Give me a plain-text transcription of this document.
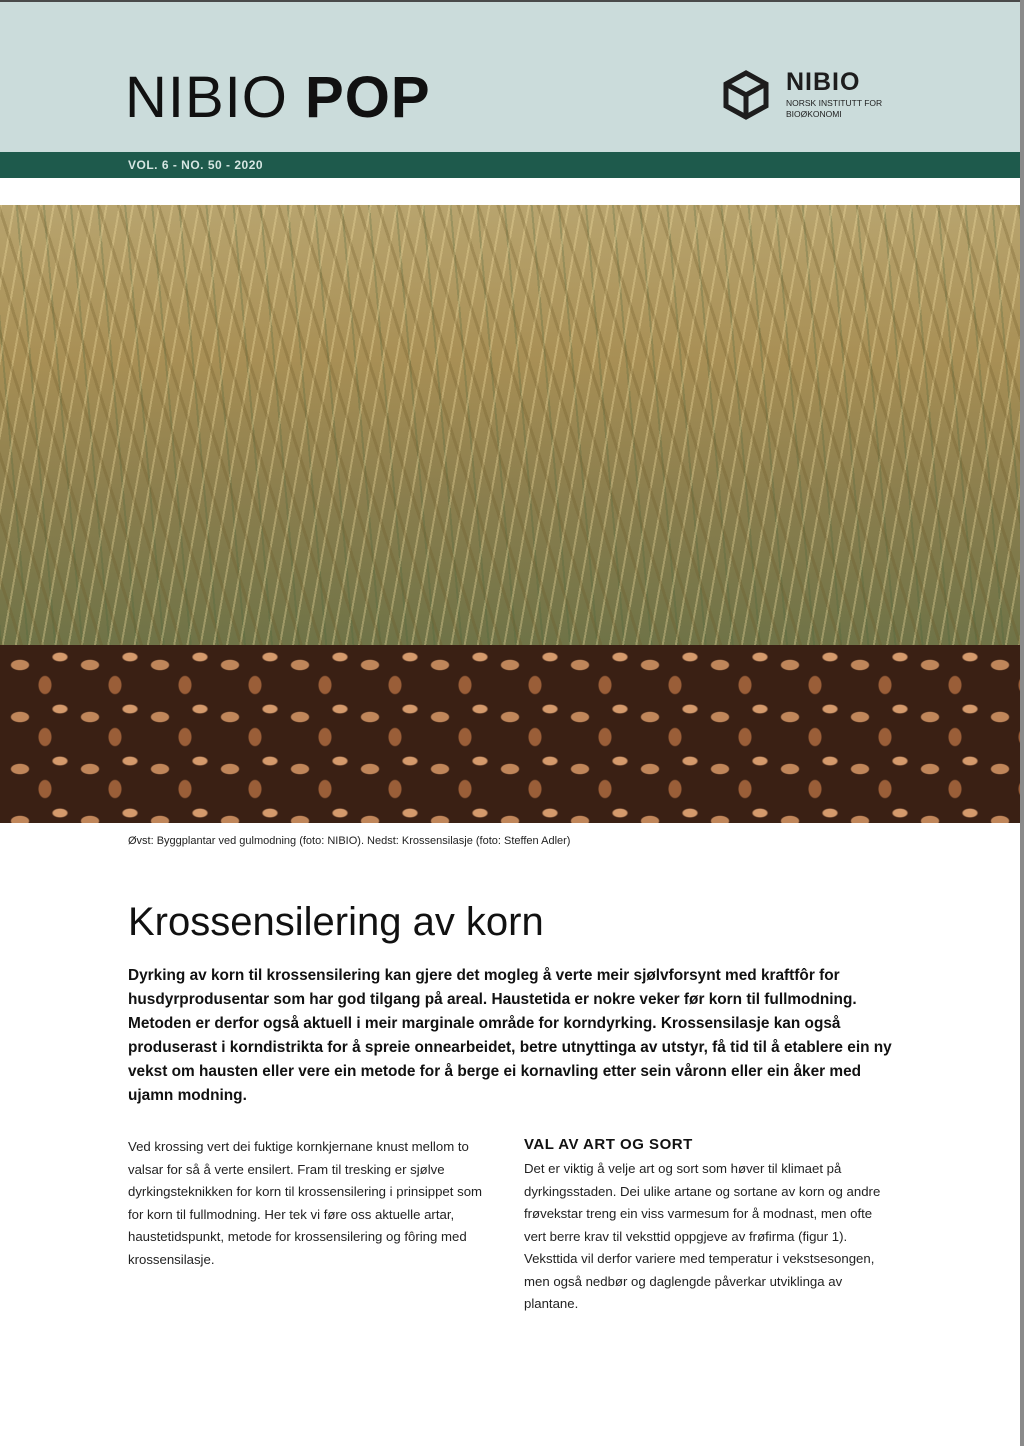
NIBIO POP	NIBIO
NORSK INSTITUTT FOR BIOØKONOMI
VOL. 6 - NO. 50 - 2020
Øvst: Byggplantar ved gulmodning (foto: NIBIO). Nedst: Krossensilasje (foto: Steffen Adler)
Krossensilering av korn

Dyrking av korn til krossensilering kan gjere det mogleg å verte meir sjølvforsynt med kraftfôr for husdyrprodusentar som har god tilgang på areal. Haustetida er nokre veker før korn til fullmodning. Metoden er derfor også aktuell i meir marginale område for korndyrking. Krossensilasje kan også produserast i korndistrikta for å spreie onnearbeidet, betre utnyttinga av utstyr, få tid til å etablere ein ny vekst om hausten eller vere ein metode for å berge ei kornavling etter sein våronn eller ein åker med ujamn modning.

Ved krossing vert dei fuktige kornkjernane knust mellom to valsar for så å verte ensilert. Fram til tresking er sjølve dyrkingsteknikken for korn til krossensilering i prinsippet som for korn til fullmodning. Her tek vi føre oss aktuelle artar, haustetidspunkt, metode for krossensilering og fôring med krossensilasje.

VAL AV ART OG SORT

Det er viktig å velje art og sort som høver til klimaet på dyrkingsstaden. Dei ulike artane og sortane av korn og andre frøvekstar treng ein viss varmesum for å modnast, men ofte vert berre krav til veksttid oppgjeve av frøfirma (figur 1). Veksttida vil derfor variere med temperatur i vekstsesongen, men også nedbør og daglengde påverkar utviklinga av plantane.
